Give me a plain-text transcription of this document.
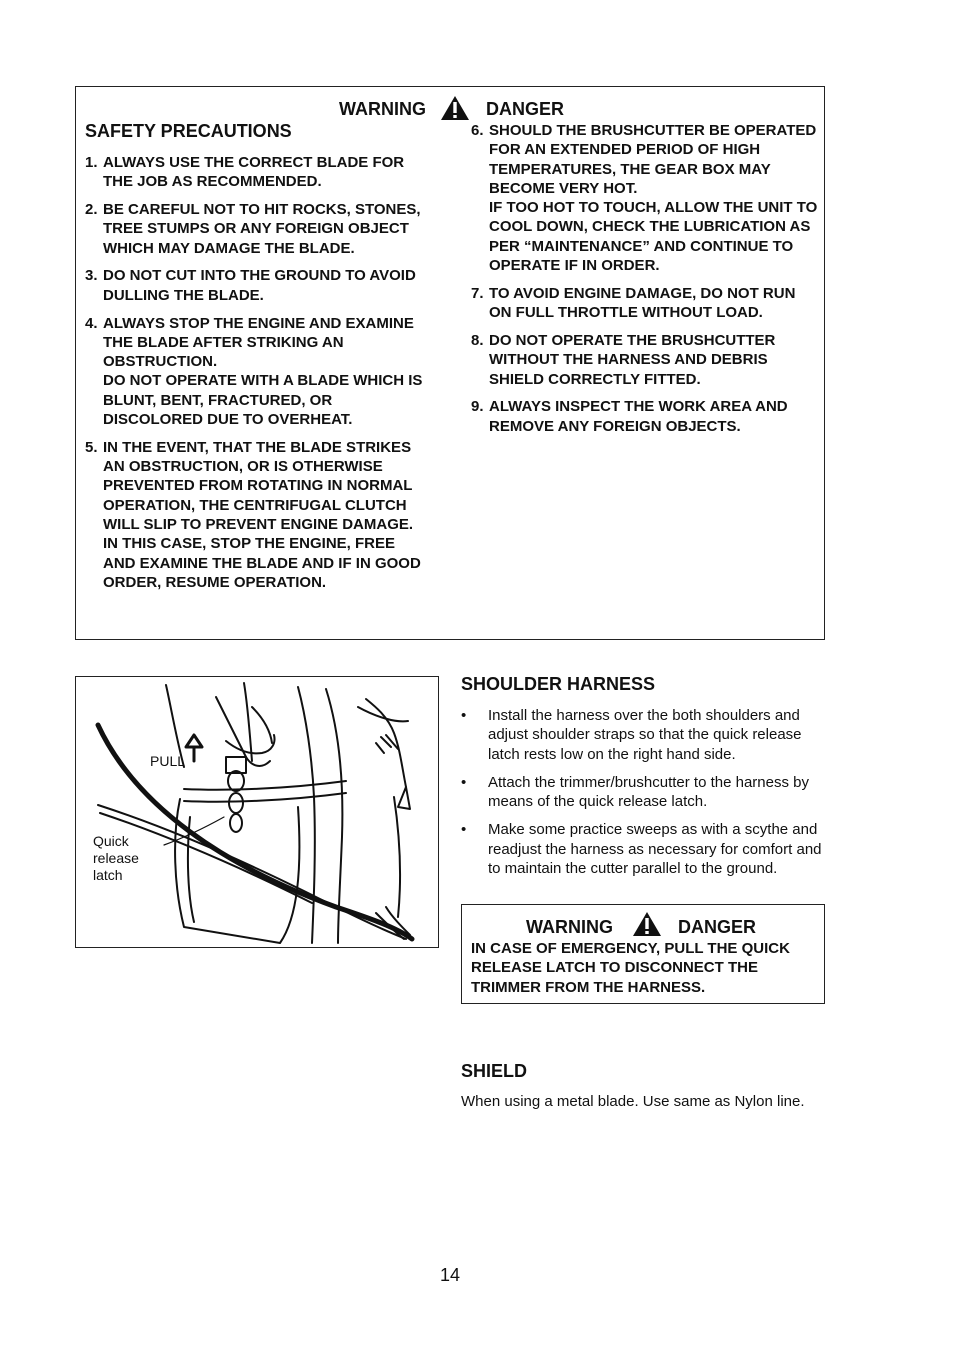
WARNING	DANGER
SAFETY PRECAUTIONS
1. ALWAYS USE THE CORRECT BLADE FOR THE JOB AS RECOMMENDED.
2. BE CAREFUL NOT TO HIT ROCKS, STONES, TREE STUMPS OR ANY FOREIGN OBJECT WHICH MAY DAMAGE THE BLADE.
3. DO NOT CUT INTO THE GROUND TO AVOID DULLING THE BLADE.
4. ALWAYS STOP THE ENGINE AND EXAMINE THE BLADE AFTER STRIKING AN OBSTRUCTION.
DO NOT OPERATE WITH A BLADE WHICH IS BLUNT, BENT, FRACTURED, OR DISCOLORED DUE TO OVERHEAT.
5. IN THE EVENT, THAT THE BLADE STRIKES AN OBSTRUCTION, OR IS OTHERWISE PREVENTED FROM ROTATING IN NORMAL OPERATION, THE CENTRIFUGAL CLUTCH WILL SLIP TO PREVENT ENGINE DAMAGE.
IN THIS CASE, STOP THE ENGINE, FREE AND EXAMINE THE BLADE AND IF IN GOOD ORDER, RESUME OPERATION.
6. SHOULD THE BRUSHCUTTER BE OPERATED FOR AN EXTENDED PERIOD OF HIGH TEMPERATURES, THE GEAR BOX MAY BECOME VERY HOT.
IF TOO HOT TO TOUCH, ALLOW THE UNIT TO COOL DOWN, CHECK THE LUBRICATION AS PER “MAINTENANCE” AND CONTINUE TO OPERATE IF IN ORDER.
7. TO AVOID ENGINE DAMAGE, DO NOT RUN ON FULL THROTTLE WITHOUT LOAD.
8. DO NOT OPERATE THE BRUSHCUTTER WITHOUT THE HARNESS AND DEBRIS SHIELD CORRECTLY FITTED.
9. ALWAYS INSPECT THE WORK AREA AND REMOVE ANY FOREIGN OBJECTS.
PULL
Quick
release
latch
SHOULDER HARNESS
• Install the harness over the both shoulders and adjust shoulder straps so that the quick release latch rests low on the right hand side.
• Attach the trimmer/brushcutter to the harness by means of the quick release latch.
• Make some practice sweeps as with a scythe and readjust the harness as necessary for comfort and to maintain the cutter parallel to the ground.
WARNING	DANGER
IN CASE OF EMERGENCY, PULL THE QUICK RELEASE LATCH TO DISCONNECT THE TRIMMER FROM THE HARNESS.
SHIELD
When using a metal blade. Use same as Nylon line.
14
